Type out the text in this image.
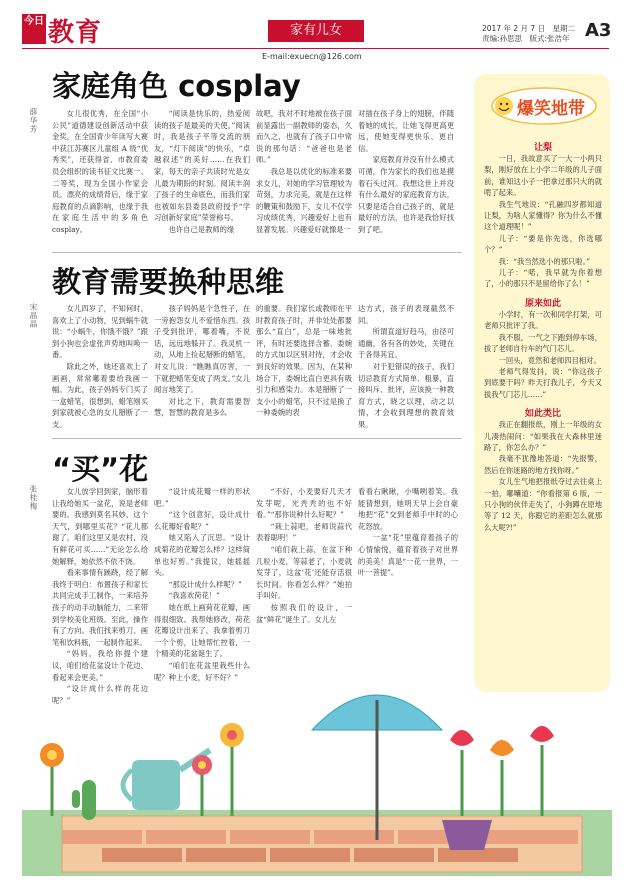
今日 教育	家有儿女
E-mail:exuecn@126.com
2017 年 2 月 7 日　星期二
责编:孙思思　版式:张浩年 A3
家庭角色 cosplay
薛华芳	女儿很优秀，在全国“小公民”道德建设创新活动中获金奖，在全国青少年读写大赛中获江苏赛区儿童组 A 级“优秀奖”，还获得省、市教育委员会组织的读书征文比赛一、二等奖，现为全国小作家会员。漂亮的成绩背后，缘于家庭教育的点滴影响，也缘于我在家庭生活中的多角色 cosplay。

“阅读是快乐的，热爱阅读的孩子是最美的天使。”阅读时，我是孩子平等交流的朋友，“灯下阅读”的快乐，“卓越叙述”的美好……在我们家，每天的亲子共读时光是女儿最为期盼的时刻。阅读丰润了孩子的生命底色，而我们家也被如东县委县政府授予“学习创新好家庭”荣誉称号。

也许自己是教师的缘

故吧，我对不时地被在孩子面前显露出一副教师的姿态，久而久之，也就有了孩子口中常说的那句话：“爸爸也是老师。”

我总是以优化的标准来要求女儿，对她的学习管理较为苛刻，力求完美，就是在这样的鞭策和鼓励下，女儿不仅学习成绩优秀，兴趣爱好上也有显著发展。兴趣爱好就像是一

对插在孩子身上的翅膀，伴随着她的成长，让她飞得更高更远，使她变得更快乐、更自信。

家庭教育并没有什么模式可循，作为家长的我们也是摸着石头过河。我想这世上并没有什么最好的家庭教育方法，只要是适合自己孩子的，就是最好的方法，也许是我恰好找到了吧。

教育需要换种思维
宋晶晶	女儿四岁了，不知何时，喜欢上了小动物，见到蜗牛就说：“小蜗牛，你饿不饿？”跟到小狗也会虚张声势地叫唤一番。

除此之外，她还喜欢上了画画，常常嘟着要给我画一幅。为此，孩子妈妈专门买了一盒蜡笔，很想到，蜡笔刚买到家就被心急的女儿掰断了一支。

孩子妈妈是个急性子，在一旁抱怨女儿不爱惜东西。孩子受到批评，哪着嘴，不说话，远远地躲开了。我灵机一动，从地上捡起掰断的蜡笔，对女儿说：“瞧瞧真厉害，一下就把蜡笔变成了两支。”女儿闻言地笑了。

对比之下，教育需要智慧，智慧的教育是多么

的重要。我们家长或教师在平时教育孩子时，并非处处都要那么“直白”，总是一味地批评，有时还要选择含蓄、委婉的方式加以区别对待，才会收到良好的效果。因为，在某种场合下，委婉比直白更具有吸引力和感染力。本是掰断了一支小小的蜡笔，只不过是换了一种委婉的表

达方式，孩子的表现截然不同。

所谓直道好趋马，由径可通幽，各有各的妙处，关键在于各得其宜。

对于犯错误的孩子，我们切忌教育方式简单、粗暴，直接叫斥、批评，应该换一种教育方式，晓之以理，动之以情，才会收到理想的教育效果。

“买”花
张桂梅	女儿放学回到家，脑形着让我给她买一盆花，说是老师要的。我感到莫名其妙，这个天气，到哪里买花？“花儿都谢了，咱们这里又是农村，没有鲜花可买……”无论怎么给她解释，她依然不依不饶。

看来事情有蹊跷，经了解我终于明白：布置孩子和家长共同完成手工制作，一来培养孩子的动手动脑能力，二来带到学校美化班级。至此，操作有了方向。我们找来剪刀、画笔和饮料瓶，一起制作起来。

“妈妈，我给你提个建议，咱们给花盆设计个花边，看起来会更美。”

“设计成什么样的花边呢？”

“设计成花瓣一样的形状吧。”

“这个创意好，设计成什么花瓣好看呢？”

她又陷入了沉思。“设计成菊花的花瓣怎么样？这样简单也好剪。”我提议，她摇摇头。

“那设计成什么样呢？”

“我喜欢荷花！”

她在纸上画荷花花瓣，画得很细致。我帮她修改，荷花花瓣设计出来了。我拿着剪刀一个个剪，让她帮忙控着，一个精美的花盆诞生了。

“咱们在花盆里栽些什么呢？种上小麦，好不好？”

“不好，小麦要好几天才发芽呢，光秃秃的也不好看。”“那你说种什么好呢？”

“栽上蒜吧，老师说蒜代表着聪明！”

“咱们栽上蒜，在盆下种几粒小麦，等蒜老了，小麦就发芽了，这盆‘花’还能存活很长时间。你看怎么样？”她拍手叫好。

按照我们的设计，一盆“鲜花”诞生了。女儿左

看看右瞅瞅，小嘴咧着笑。我能猜想到，她明天早上会自豪地把“花”交到老师手中时的心花怒放。

一盆“花”里蕴育着孩子的心情愉悦，蕴育着孩子对世界的美美！真是“一花一世界，一叶一菩提”。

爆笑地带
让梨

一日，我故意买了一大一小两只梨，刚好放在上小学二年级的儿子面前，谁知这小子一把拿过那只大的就啃了起来。

我生气地说：“孔融四岁都知道让梨，为啥人家懂得？你为什么不懂这个道理呢！”

儿子：“要是你先选，你选哪个？”

我：“我当然选小的那只啦。”

儿子：“喏，我早就为你着想了，小的那只不是留给你了么！”

原来如此

小学时，有一次和同学打架，可老师只批评了我。

我不服，一气之下跑到停车场，拔了老师自行车的气门芯儿。

一回头，竟然和老师四目相对。

老师气得发抖，说：“你这孩子到底要干吗？昨天打我儿子，今天又拔我气门芯儿……”

如此类比

我正在翻报纸，刚上一年级的女儿凑热闹问：“如果我在大森林里迷路了，你怎么办？”

我毫不犹豫地答道：“先报警，然后在你迷路的地方找你呀。”

女儿生气地把报纸夺过去往桌上一拍，嘟囔道：“你看报第 6 版，一只小狗的伙伴走失了，小狗蹲在原地等了 12 天，你跟它的差距怎么就那么大呢?!”
